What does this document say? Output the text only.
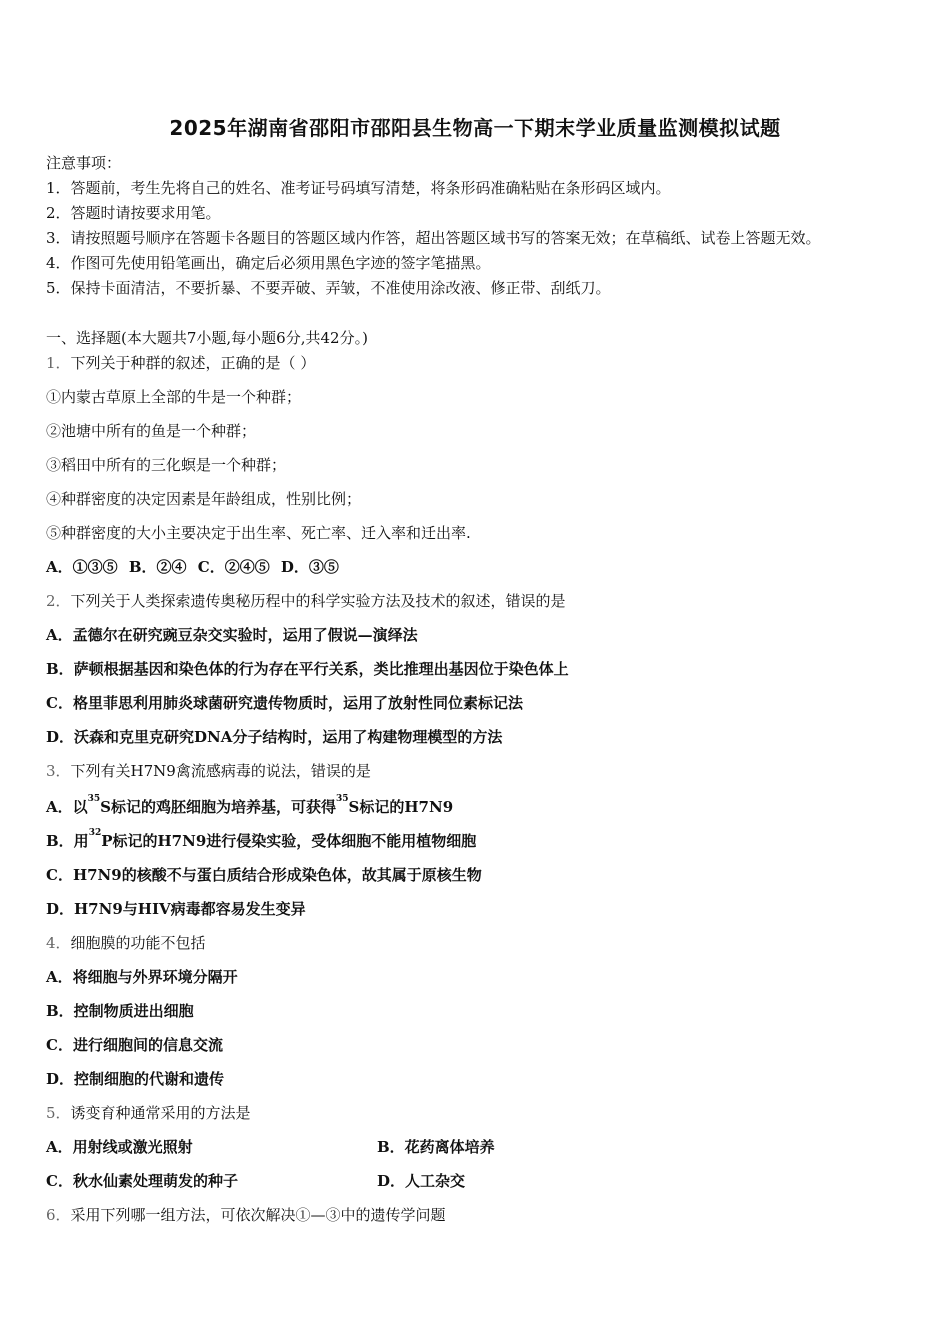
2025年湖南省邵阳市邵阳县生物高一下期末学业质量监测模拟试题
注意事项：
1．答题前，考生先将自己的姓名、准考证号码填写清楚，将条形码准确粘贴在条形码区域内。
2．答题时请按要求用笔。
3．请按照题号顺序在答题卡各题目的答题区域内作答，超出答题区域书写的答案无效；在草稿纸、试卷上答题无效。
4．作图可先使用铅笔画出，确定后必须用黑色字迹的签字笔描黑。
5．保持卡面清洁，不要折暴、不要弄破、弄皱，不准使用涂改液、修正带、刮纸刀。
一、选择题(本大题共7小题,每小题6分,共42分。)
1．下列关于种群的叙述，正确的是（ ）
①内蒙古草原上全部的牛是一个种群；
②池塘中所有的鱼是一个种群；
③稻田中所有的三化螟是一个种群；
④种群密度的决定因素是年龄组成，性别比例；
⑤种群密度的大小主要决定于出生率、死亡率、迁入率和迁出率.
A．①③⑤ B．②④ C．②④⑤ D．③⑤
2．下列关于人类探索遗传奥秘历程中的科学实验方法及技术的叙述，错误的是
A．孟德尔在研究豌豆杂交实验时，运用了假说—演绎法
B．萨顿根据基因和染色体的行为存在平行关系，类比推理出基因位于染色体上
C．格里菲思利用肺炎球菌研究遗传物质时，运用了放射性同位素标记法
D．沃森和克里克研究DNA分子结构时，运用了构建物理模型的方法
3．下列有关H7N9禽流感病毒的说法，错误的是
A．以$^{35}$S标记的鸡胚细胞为培养基，可获得$^{35}$S标记的H7N9
B．用$^{32}$P标记的H7N9进行侵染实验，受体细胞不能用植物细胞
C．H7N9的核酸不与蛋白质结合形成染色体，故其属于原核生物
D．H7N9与HIV病毒都容易发生变异
4．细胞膜的功能不包括
A．将细胞与外界环境分隔开
B．控制物质进出细胞
C．进行细胞间的信息交流
D．控制细胞的代谢和遗传
5．诱变育种通常采用的方法是
A．用射线或激光照射	B．花药离体培养
C．秋水仙素处理萌发的种子	D．人工杂交
6．采用下列哪一组方法，可依次解决①—③中的遗传学问题
